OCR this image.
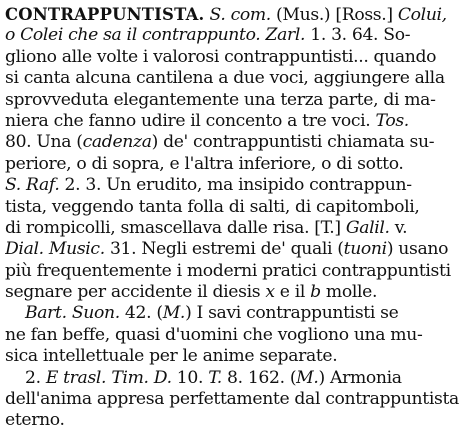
CONTRAPPUNTISTA. S. com. (Mus.) [Ross.] Colui,
o Colei che sa il contrappunto. Zarl. 1. 3. 64. So-
gliono alle volte i valorosi contrappuntisti... quando
si canta alcuna cantilena a due voci, aggiungere alla
sprovveduta elegantemente una terza parte, di ma-
niera che fanno udire il concento a tre voci. Tos.
80. Una (cadenza) de' contrappuntisti chiamata su-
periore, o di sopra, e l'altra inferiore, o di sotto.
S. Raf. 2. 3. Un erudito, ma insipido contrappun-
tista, veggendo tanta folla di salti, di capitomboli,
di rompicolli, smascellava dalle risa. [T.] Galil. v.
Dial. Music. 31. Negli estremi de' quali (tuoni) usano
più frequentemente i moderni pratici contrappuntisti
segnare per accidente il diesis x e il b molle.
Bart. Suon. 42. (M.) I savi contrappuntisti se
ne fan beffe, quasi d'uomini che vogliono una mu-
sica intellettuale per le anime separate.
2. E trasl. Tim. D. 10. T. 8. 162. (M.) Armonia
dell'anima appresa perfettamente dal contrappuntista
eterno.
